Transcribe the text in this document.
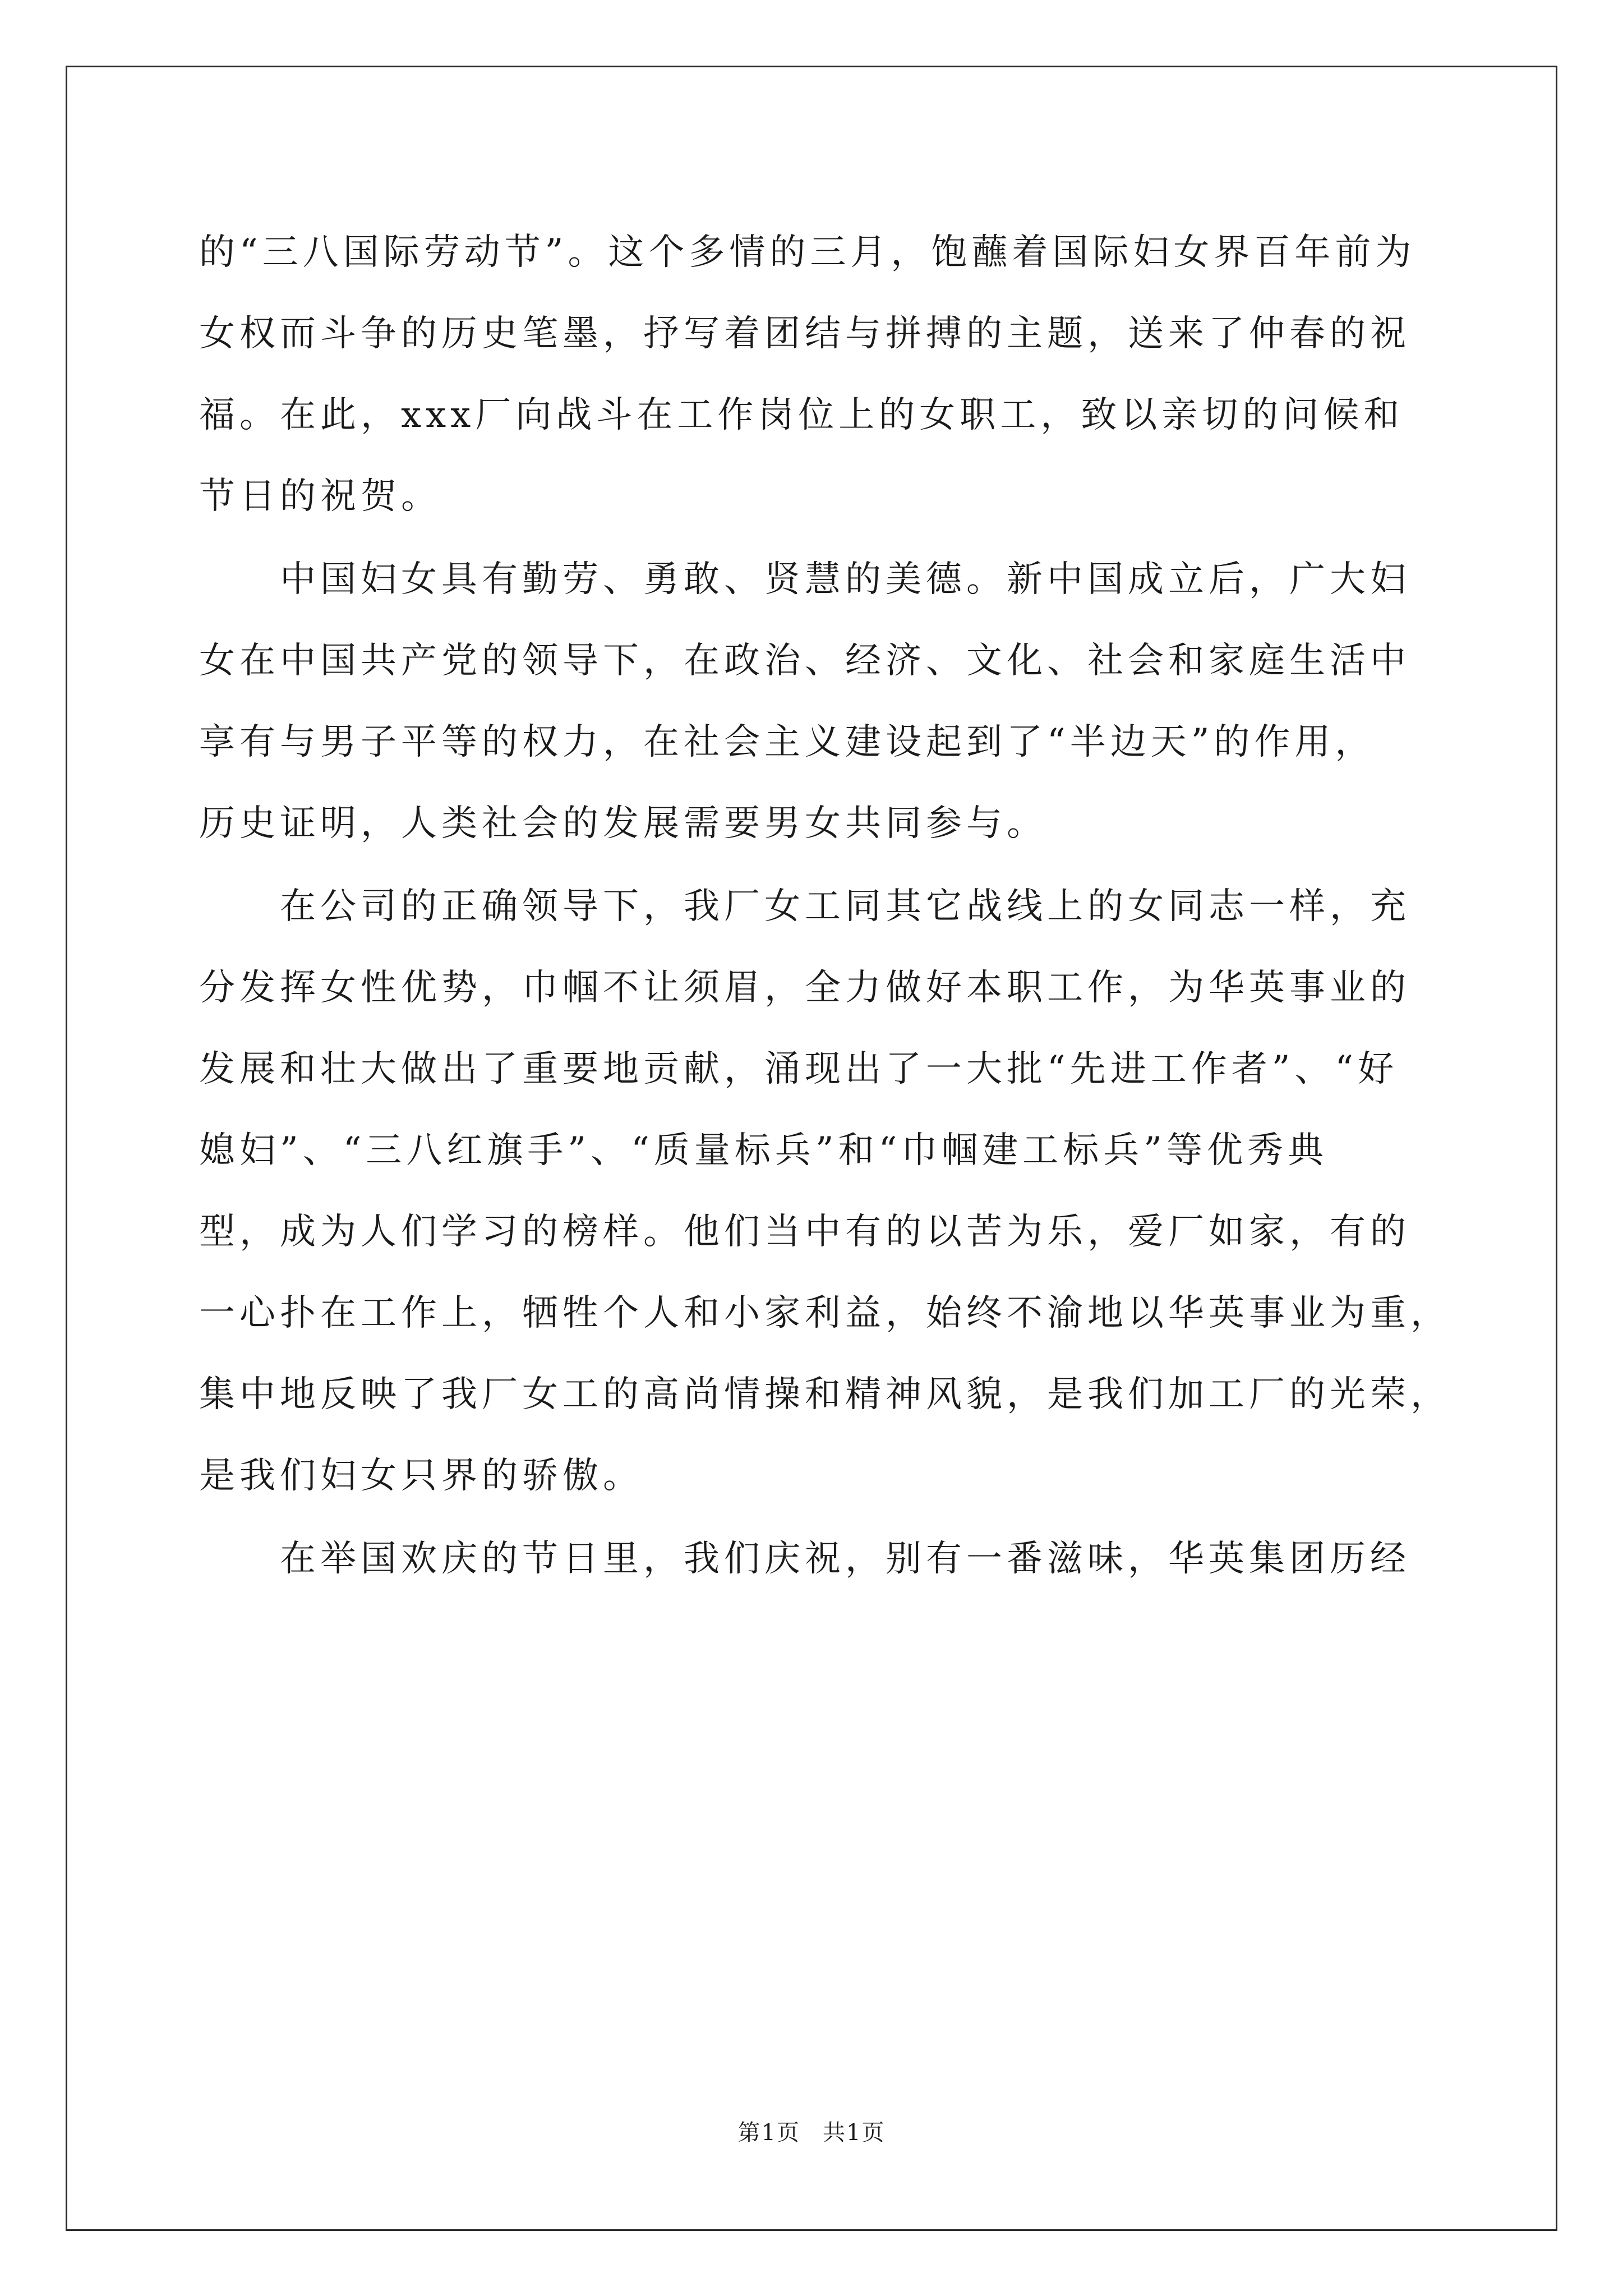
的“三八国际劳动节”。这个多情的三月，饱蘸着国际妇女界百年前为
女权而斗争的历史笔墨，抒写着团结与拼搏的主题，送来了仲春的祝
福。在此，xxx厂向战斗在工作岗位上的女职工，致以亲切的问候和
节日的祝贺。
　　中国妇女具有勤劳、勇敢、贤慧的美德。新中国成立后，广大妇
女在中国共产党的领导下，在政治、经济、文化、社会和家庭生活中
享有与男子平等的权力，在社会主义建设起到了“半边天”的作用，
历史证明，人类社会的发展需要男女共同参与。
　　在公司的正确领导下，我厂女工同其它战线上的女同志一样，充
分发挥女性优势，巾帼不让须眉，全力做好本职工作，为华英事业的
发展和壮大做出了重要地贡献，涌现出了一大批“先进工作者”、“好
媳妇”、“三八红旗手”、“质量标兵”和“巾帼建工标兵”等优秀典
型，成为人们学习的榜样。他们当中有的以苦为乐，爱厂如家，有的
一心扑在工作上，牺牲个人和小家利益，始终不渝地以华英事业为重，
集中地反映了我厂女工的高尚情操和精神风貌，是我们加工厂的光荣，
是我们妇女只界的骄傲。
　　在举国欢庆的节日里，我们庆祝，别有一番滋味，华英集团历经
第1页 共1页
